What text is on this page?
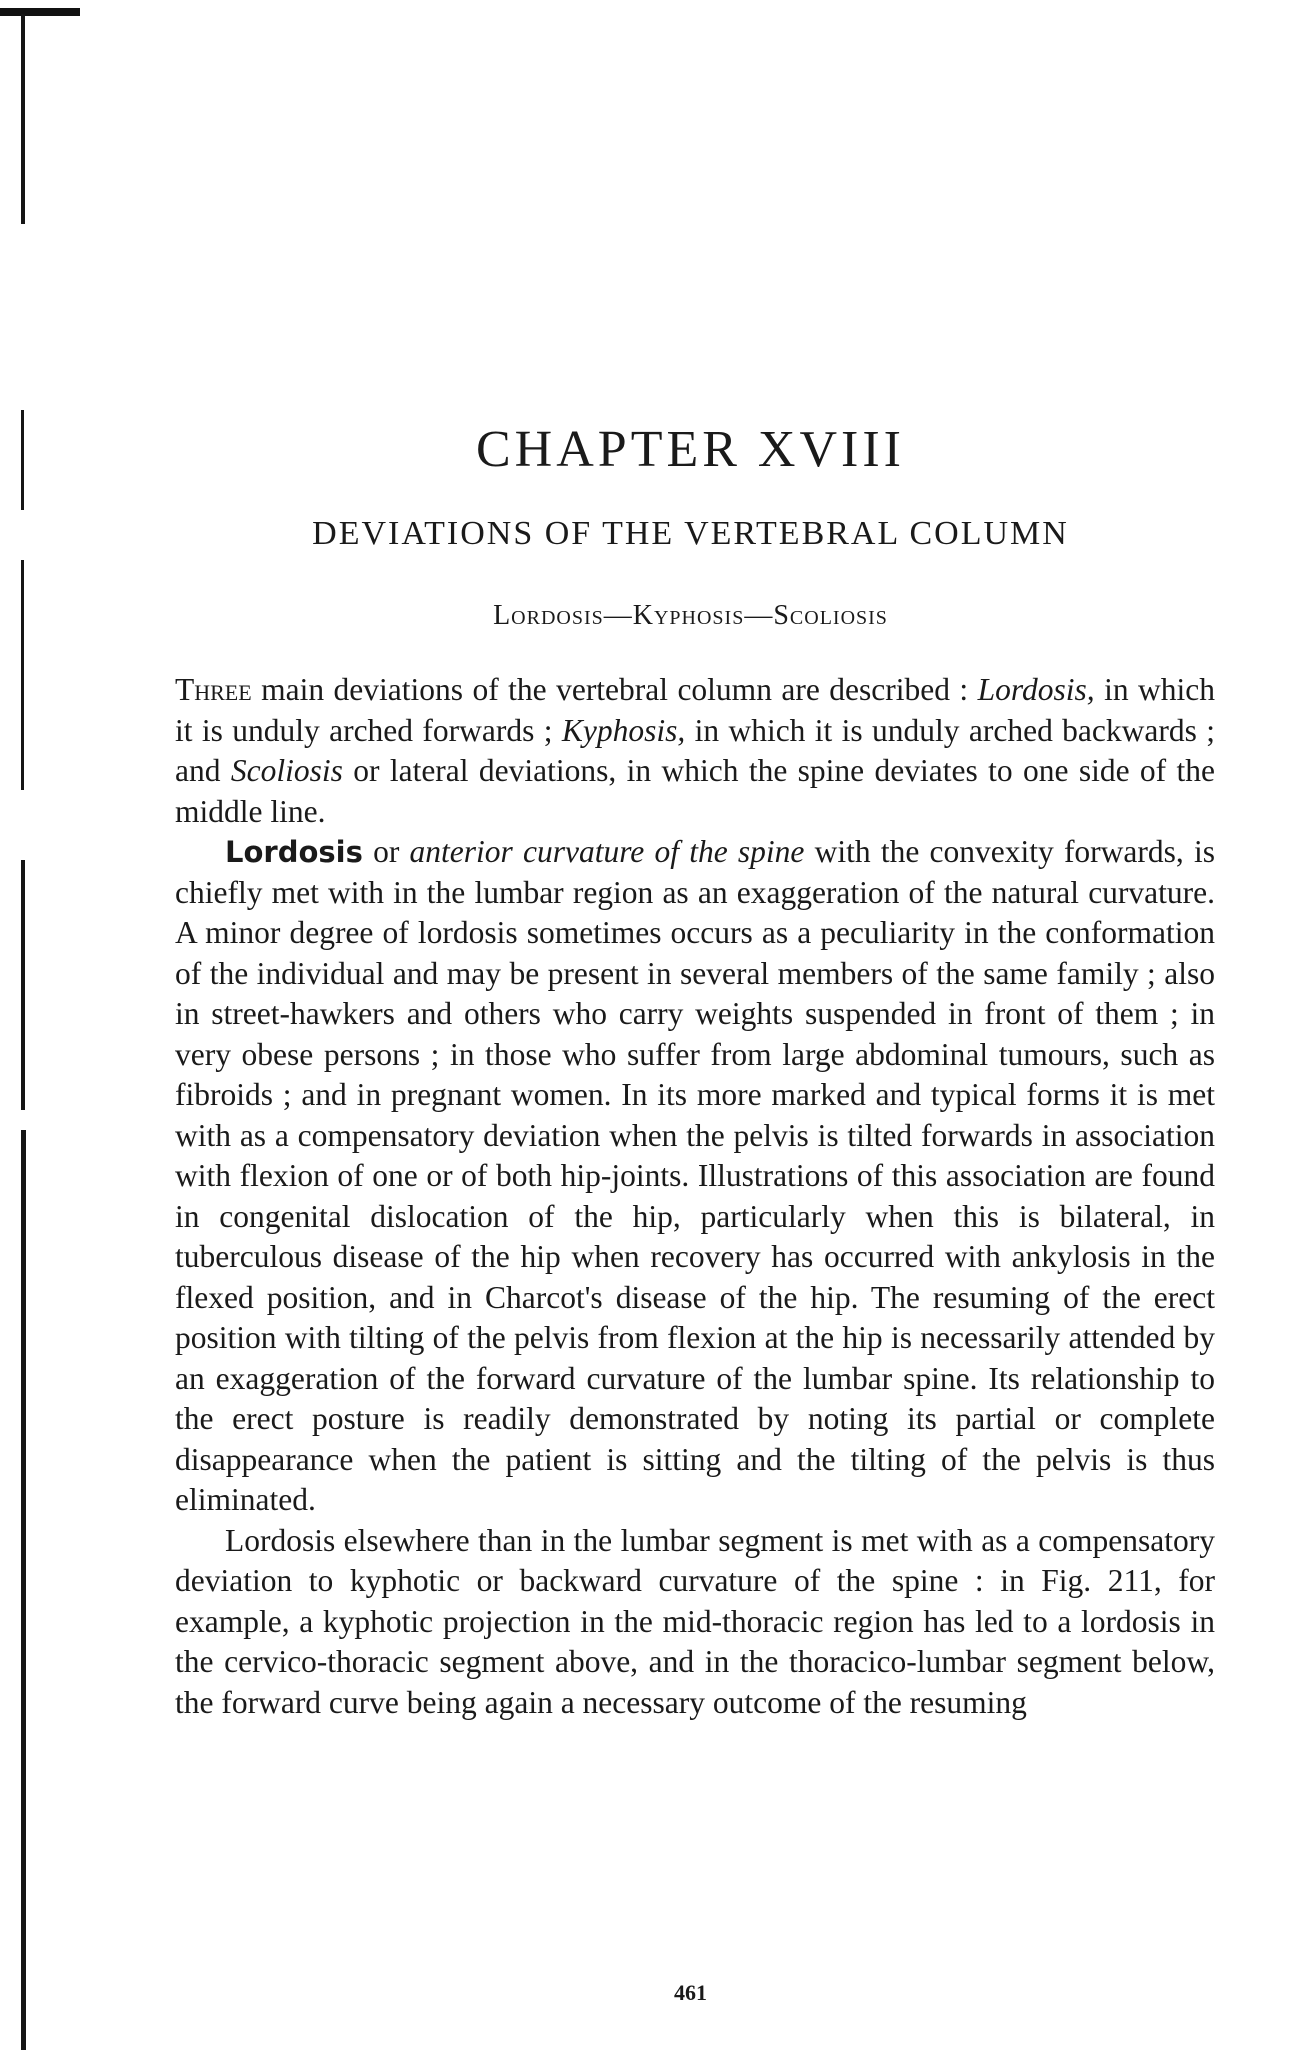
CHAPTER XVIII
DEVIATIONS OF THE VERTEBRAL COLUMN
Lordosis—Kyphosis—Scoliosis

Three main deviations of the vertebral column are described : Lordosis, in which it is unduly arched forwards ; Kyphosis, in which it is unduly arched backwards ; and Scoliosis or lateral deviations, in which the spine deviates to one side of the middle line.

Lordosis or anterior curvature of the spine with the convexity forwards, is chiefly met with in the lumbar region as an exaggeration of the natural curvature. A minor degree of lordosis sometimes occurs as a peculiarity in the conformation of the individual and may be present in several members of the same family ; also in street-hawkers and others who carry weights suspended in front of them ; in very obese persons ; in those who suffer from large abdominal tumours, such as fibroids ; and in pregnant women. In its more marked and typical forms it is met with as a compensatory deviation when the pelvis is tilted forwards in association with flexion of one or of both hip-joints. Illustrations of this association are found in congenital dislocation of the hip, particularly when this is bilateral, in tuberculous disease of the hip when recovery has occurred with ankylosis in the flexed position, and in Charcot's disease of the hip. The resuming of the erect position with tilting of the pelvis from flexion at the hip is necessarily attended by an exaggeration of the forward curvature of the lumbar spine. Its relationship to the erect posture is readily demonstrated by noting its partial or complete disappearance when the patient is sitting and the tilting of the pelvis is thus eliminated.

Lordosis elsewhere than in the lumbar segment is met with as a compensatory deviation to kyphotic or backward curvature of the spine : in Fig. 211, for example, a kyphotic projection in the mid-thoracic region has led to a lordosis in the cervico-thoracic segment above, and in the thoracico-lumbar segment below, the forward curve being again a necessary outcome of the resuming

461
